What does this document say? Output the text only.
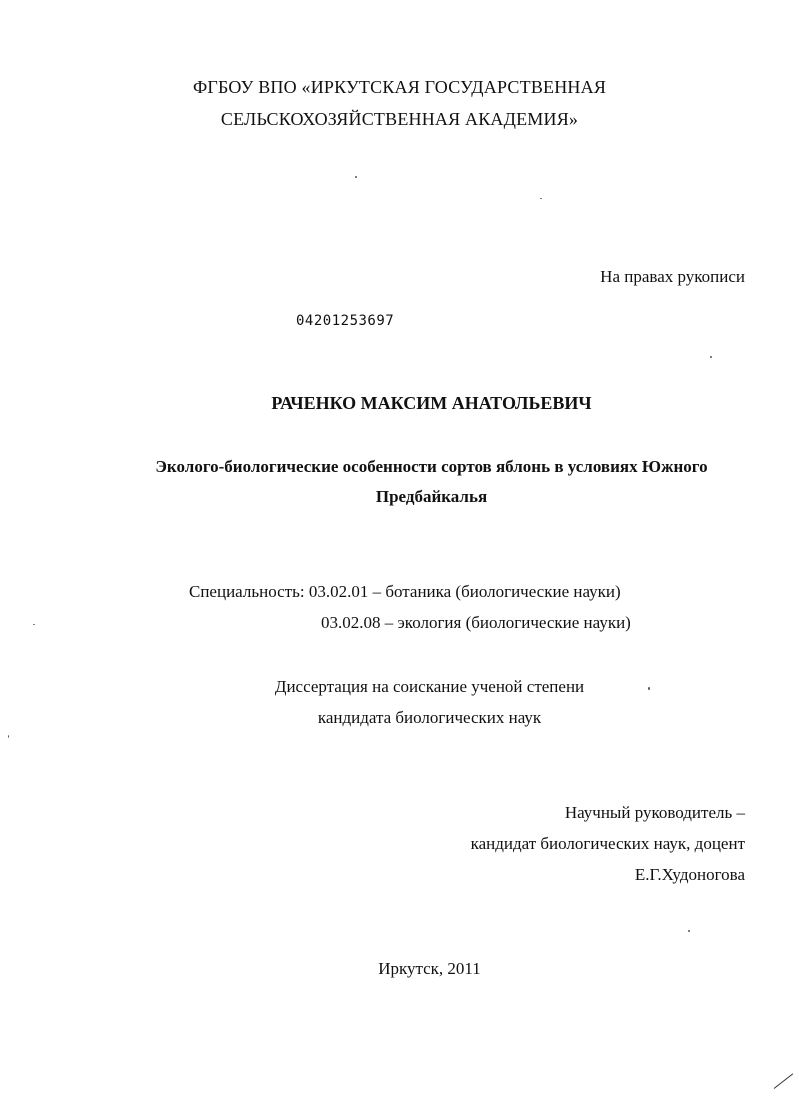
ФГБОУ ВПО «ИРКУТСКАЯ ГОСУДАРСТВЕННАЯ
СЕЛЬСКОХОЗЯЙСТВЕННАЯ АКАДЕМИЯ»
На правах рукописи
04201253697
РАЧЕНКО МАКСИМ АНАТОЛЬЕВИЧ
Эколого-биологические особенности сортов яблонь в условиях Южного
Предбайкалья
Специальность: 03.02.01 – ботаника (биологические науки)
03.02.08 – экология (биологические науки)
Диссертация на соискание ученой степени
кандидата биологических наук
Научный руководитель –
кандидат биологических наук, доцент
Е.Г.Худоногова
Иркутск, 2011
